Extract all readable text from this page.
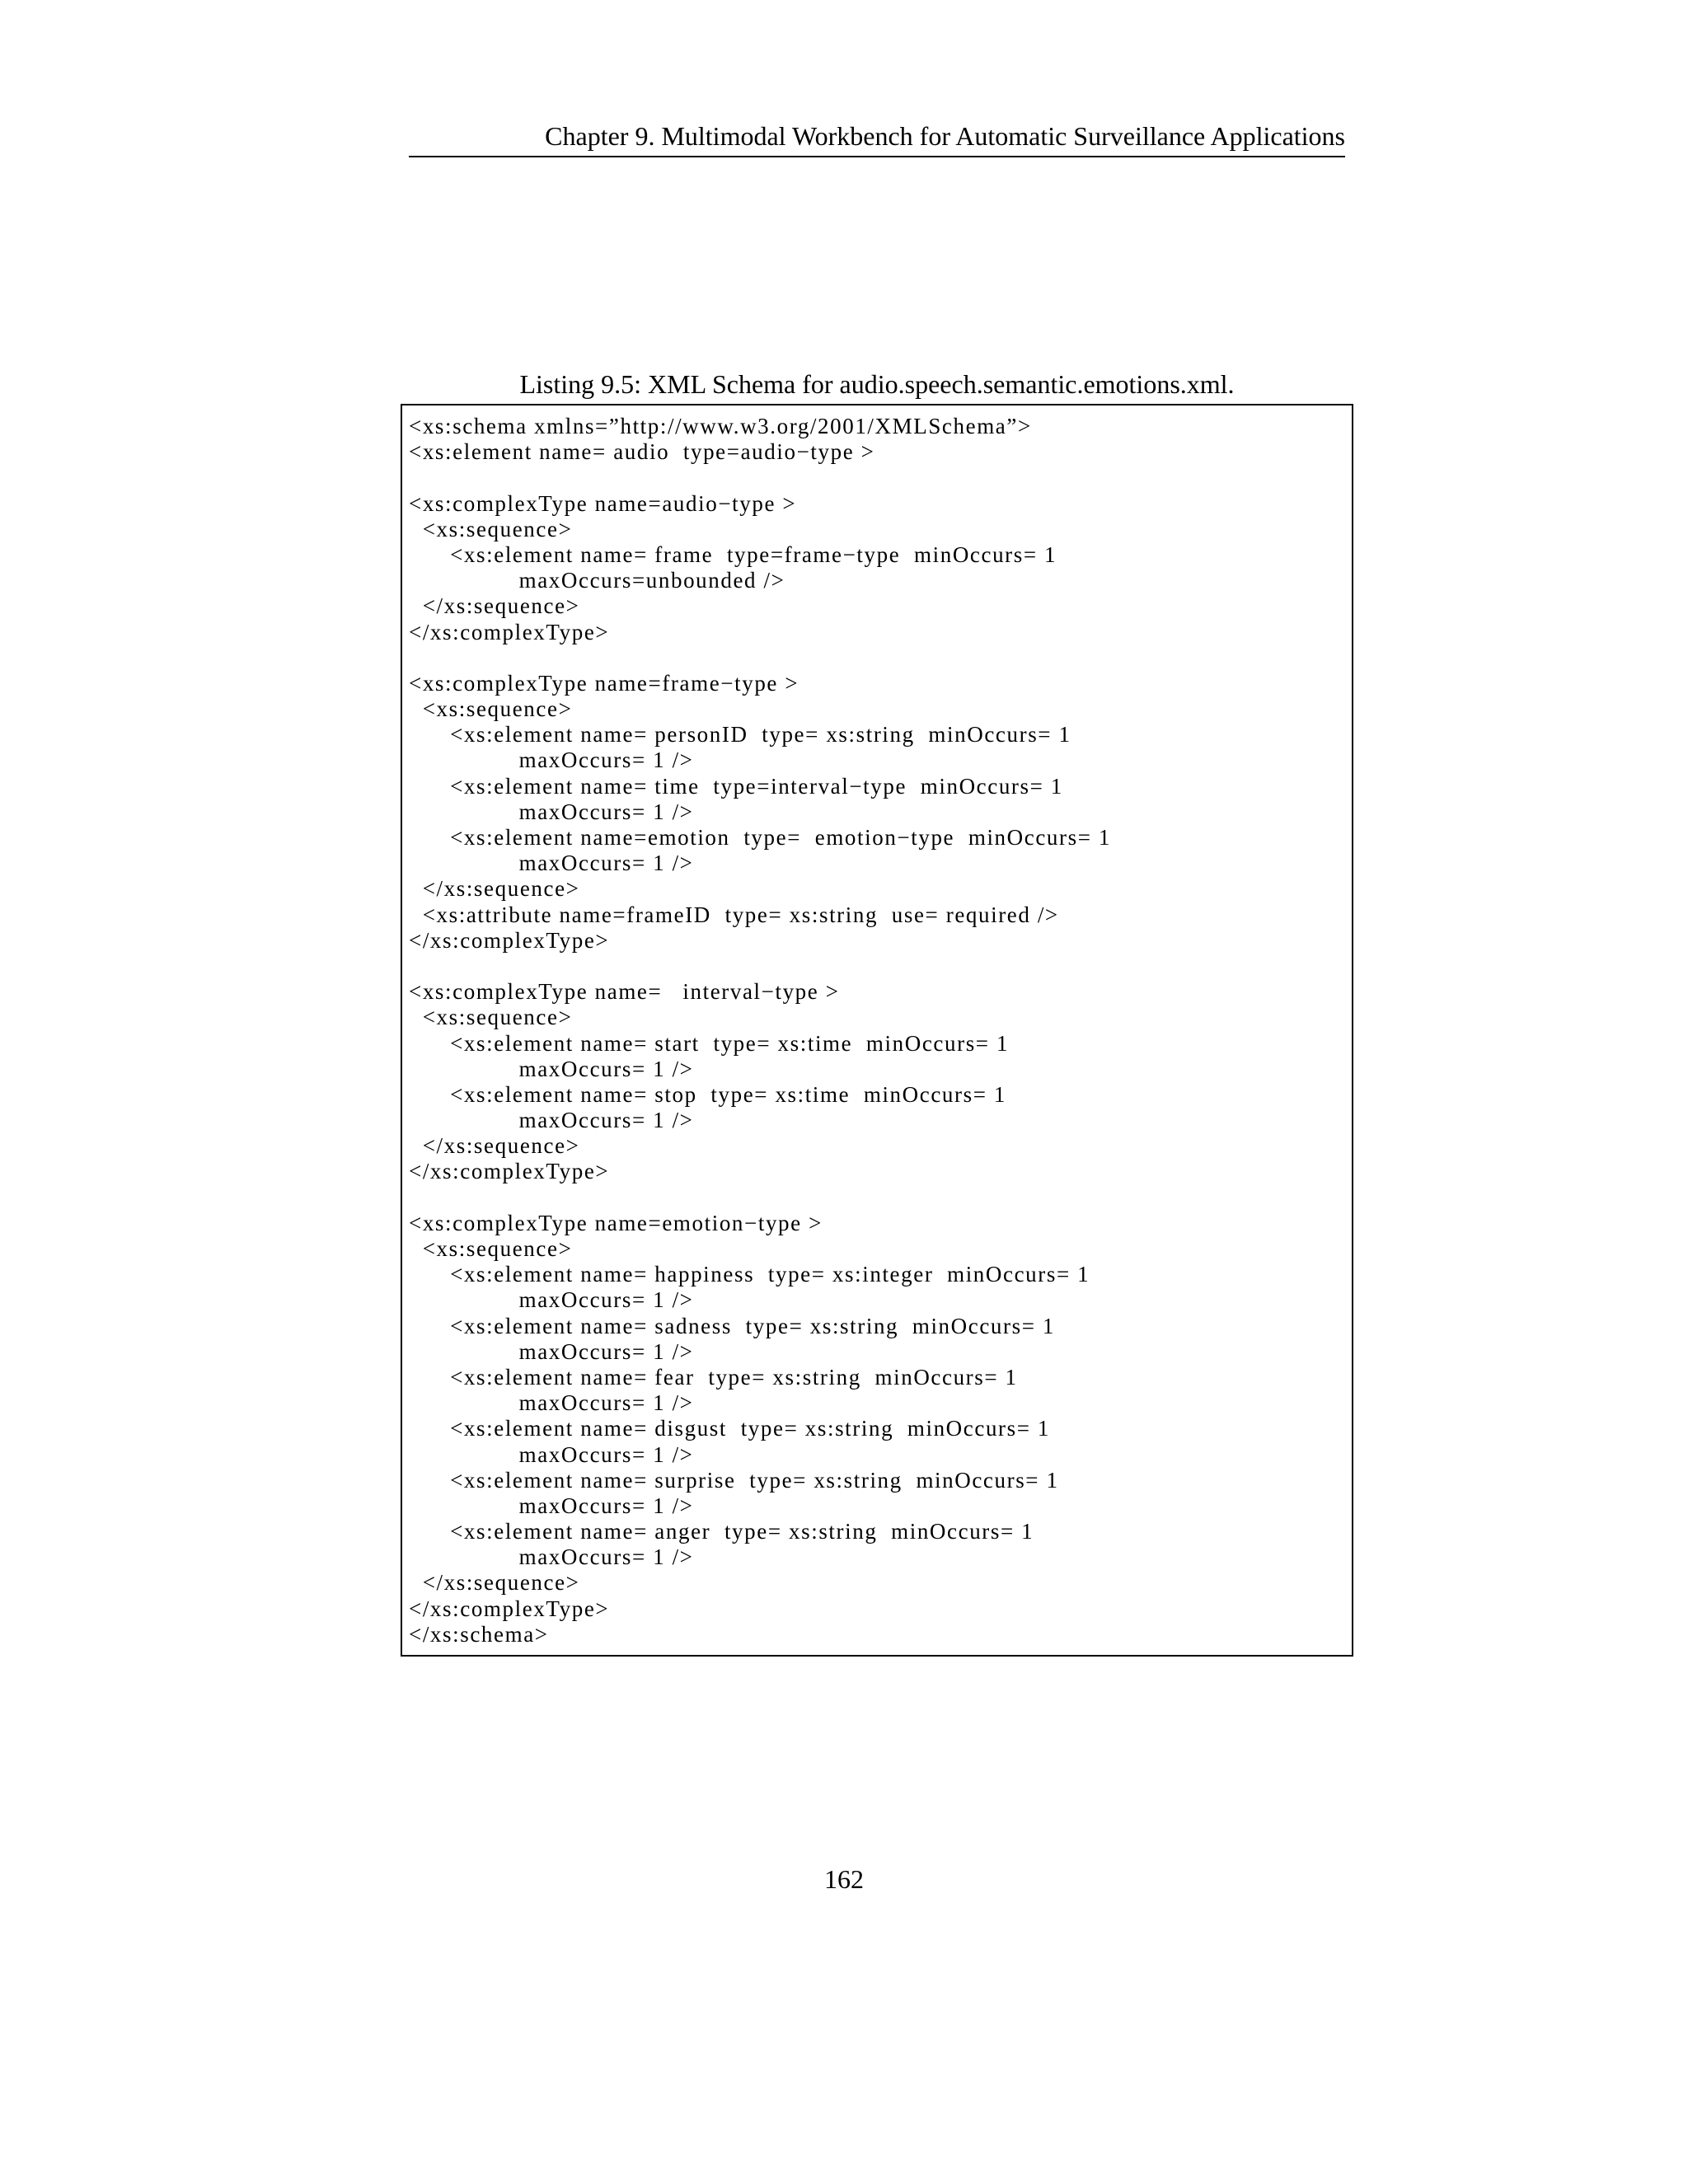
Chapter 9. Multimodal Workbench for Automatic Surveillance Applications
Listing 9.5: XML Schema for audio.speech.semantic.emotions.xml.
<xs:schema xmlns=”http://www.w3.org/2001/XMLSchema”>
<xs:element name= audio  type=audio−type >
<xs:complexType name=audio−type >
<xs:sequence>
<xs:element name= frame  type=frame−type  minOccurs= 1
maxOccurs=unbounded />
</xs:sequence>
</xs:complexType>
<xs:complexType name=frame−type >
<xs:sequence>
<xs:element name= personID  type= xs:string  minOccurs= 1
maxOccurs= 1 />
<xs:element name= time  type=interval−type  minOccurs= 1
maxOccurs= 1 />
<xs:element name=emotion  type=  emotion−type  minOccurs= 1
maxOccurs= 1 />
</xs:sequence>
<xs:attribute name=frameID  type= xs:string  use= required />
</xs:complexType>
<xs:complexType name=   interval−type >
<xs:sequence>
<xs:element name= start  type= xs:time  minOccurs= 1
maxOccurs= 1 />
<xs:element name= stop  type= xs:time  minOccurs= 1
maxOccurs= 1 />
</xs:sequence>
</xs:complexType>
<xs:complexType name=emotion−type >
<xs:sequence>
<xs:element name= happiness  type= xs:integer  minOccurs= 1
maxOccurs= 1 />
<xs:element name= sadness  type= xs:string  minOccurs= 1
maxOccurs= 1 />
<xs:element name= fear  type= xs:string  minOccurs= 1
maxOccurs= 1 />
<xs:element name= disgust  type= xs:string  minOccurs= 1
maxOccurs= 1 />
<xs:element name= surprise  type= xs:string  minOccurs= 1
maxOccurs= 1 />
<xs:element name= anger  type= xs:string  minOccurs= 1
maxOccurs= 1 />
</xs:sequence>
</xs:complexType>
</xs:schema>
162
